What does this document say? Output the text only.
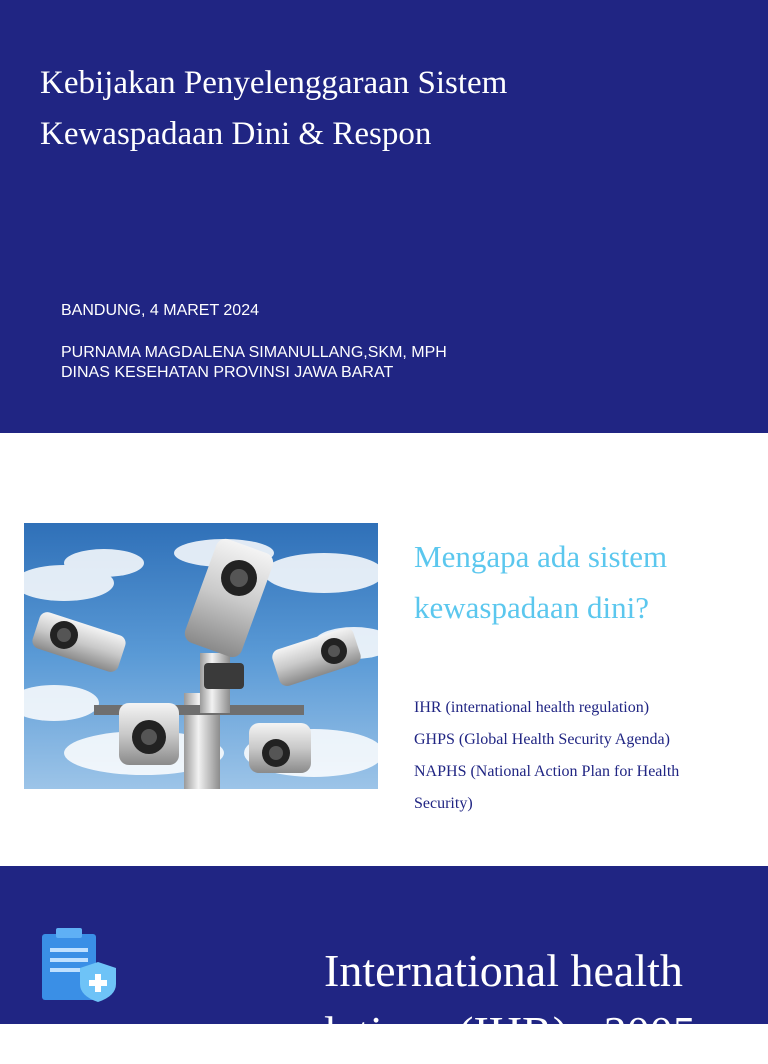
Kebijakan Penyelenggaraan Sistem Kewaspadaan Dini & Respon
BANDUNG, 4 MARET 2024
PURNAMA MAGDALENA SIMANULLANG,SKM, MPH
DINAS KESEHATAN PROVINSI JAWA BARAT
Mengapa ada sistem kewaspadaan dini?
IHR (international health regulation)
GHPS (Global Health Security Agenda)
NAPHS (National Action Plan for Health Security)
International health
lations (IHR) : 2005
